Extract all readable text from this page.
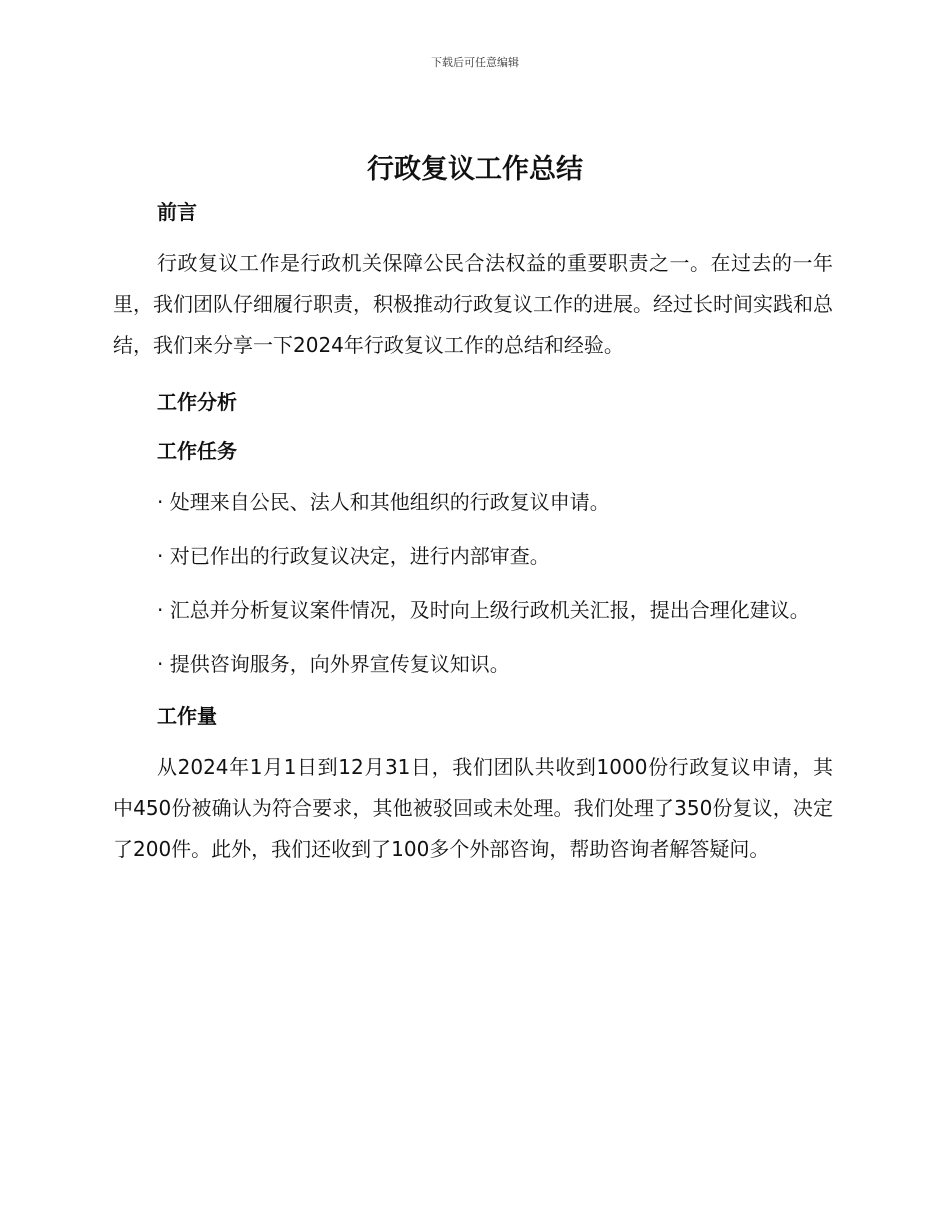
下载后可任意编辑
行政复议工作总结

前言

行政复议工作是行政机关保障公民合法权益的重要职责之一。在过去的一年里，我们团队仔细履行职责，积极推动行政复议工作的进展。经过长时间实践和总结，我们来分享一下2024年行政复议工作的总结和经验。

工作分析

工作任务

· 处理来自公民、法人和其他组织的行政复议申请。

· 对已作出的行政复议决定，进行内部审查。

· 汇总并分析复议案件情况，及时向上级行政机关汇报，提出合理化建议。

· 提供咨询服务，向外界宣传复议知识。

工作量

从2024年1月1日到12月31日，我们团队共收到1000份行政复议申请，其中450份被确认为符合要求，其他被驳回或未处理。我们处理了350份复议，决定了200件。此外，我们还收到了100多个外部咨询，帮助咨询者解答疑问。
